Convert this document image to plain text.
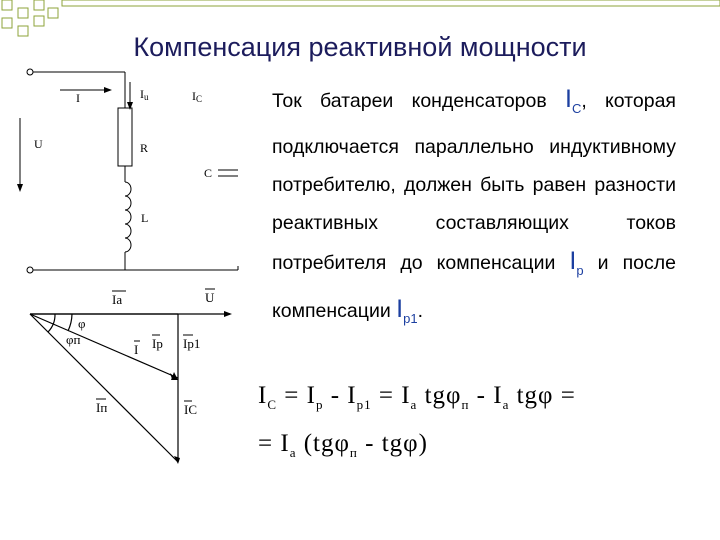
Компенсация реактивной мощности
I	Iu	IC
U	R
C
L
Ia	U
φ
φп
I Ip Ip1
Iп	IC

Ток батареи конденсаторов $I_C$, которая подключается параллельно индуктивному потребителю, должен быть равен разности реактивных составляющих токов потребителя до компенсации $I_р$ и после компенсации $I_{р1}$.

$I_C = I_р - I_{р1} = I_а$ $tg\varphi_п - I_а$ tgφ =
= $I_а$ (tgφ$_п$ - tgφ)
